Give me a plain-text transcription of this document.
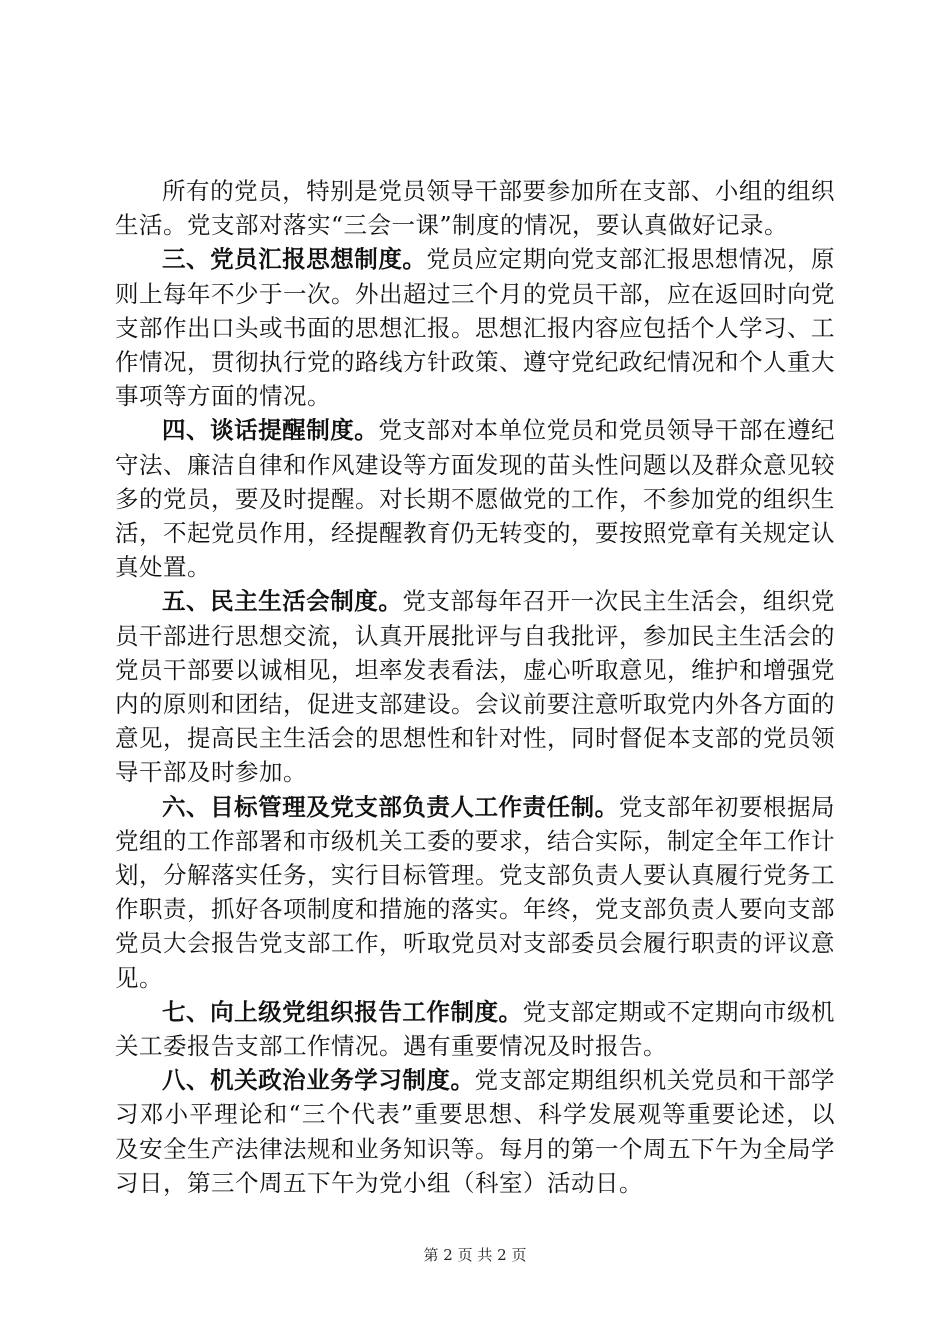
所有的党员，特别是党员领导干部要参加所在支部、小组的组织生活。党支部对落实“三会一课”制度的情况，要认真做好记录。

三、党员汇报思想制度。党员应定期向党支部汇报思想情况，原则上每年不少于一次。外出超过三个月的党员干部，应在返回时向党支部作出口头或书面的思想汇报。思想汇报内容应包括个人学习、工作情况，贯彻执行党的路线方针政策、遵守党纪政纪情况和个人重大事项等方面的情况。

四、谈话提醒制度。党支部对本单位党员和党员领导干部在遵纪守法、廉洁自律和作风建设等方面发现的苗头性问题以及群众意见较多的党员，要及时提醒。对长期不愿做党的工作，不参加党的组织生活，不起党员作用，经提醒教育仍无转变的，要按照党章有关规定认真处置。

五、民主生活会制度。党支部每年召开一次民主生活会，组织党员干部进行思想交流，认真开展批评与自我批评，参加民主生活会的党员干部要以诚相见，坦率发表看法，虚心听取意见，维护和增强党内的原则和团结，促进支部建设。会议前要注意听取党内外各方面的意见，提高民主生活会的思想性和针对性，同时督促本支部的党员领导干部及时参加。

六、目标管理及党支部负责人工作责任制。党支部年初要根据局党组的工作部署和市级机关工委的要求，结合实际，制定全年工作计划，分解落实任务，实行目标管理。党支部负责人要认真履行党务工作职责，抓好各项制度和措施的落实。年终，党支部负责人要向支部党员大会报告党支部工作，听取党员对支部委员会履行职责的评议意见。

七、向上级党组织报告工作制度。党支部定期或不定期向市级机关工委报告支部工作情况。遇有重要情况及时报告。

八、机关政治业务学习制度。党支部定期组织机关党员和干部学习邓小平理论和“三个代表”重要思想、科学发展观等重要论述，以及安全生产法律法规和业务知识等。每月的第一个周五下午为全局学习日，第三个周五下午为党小组（科室）活动日。

第 2 页 共 2 页
